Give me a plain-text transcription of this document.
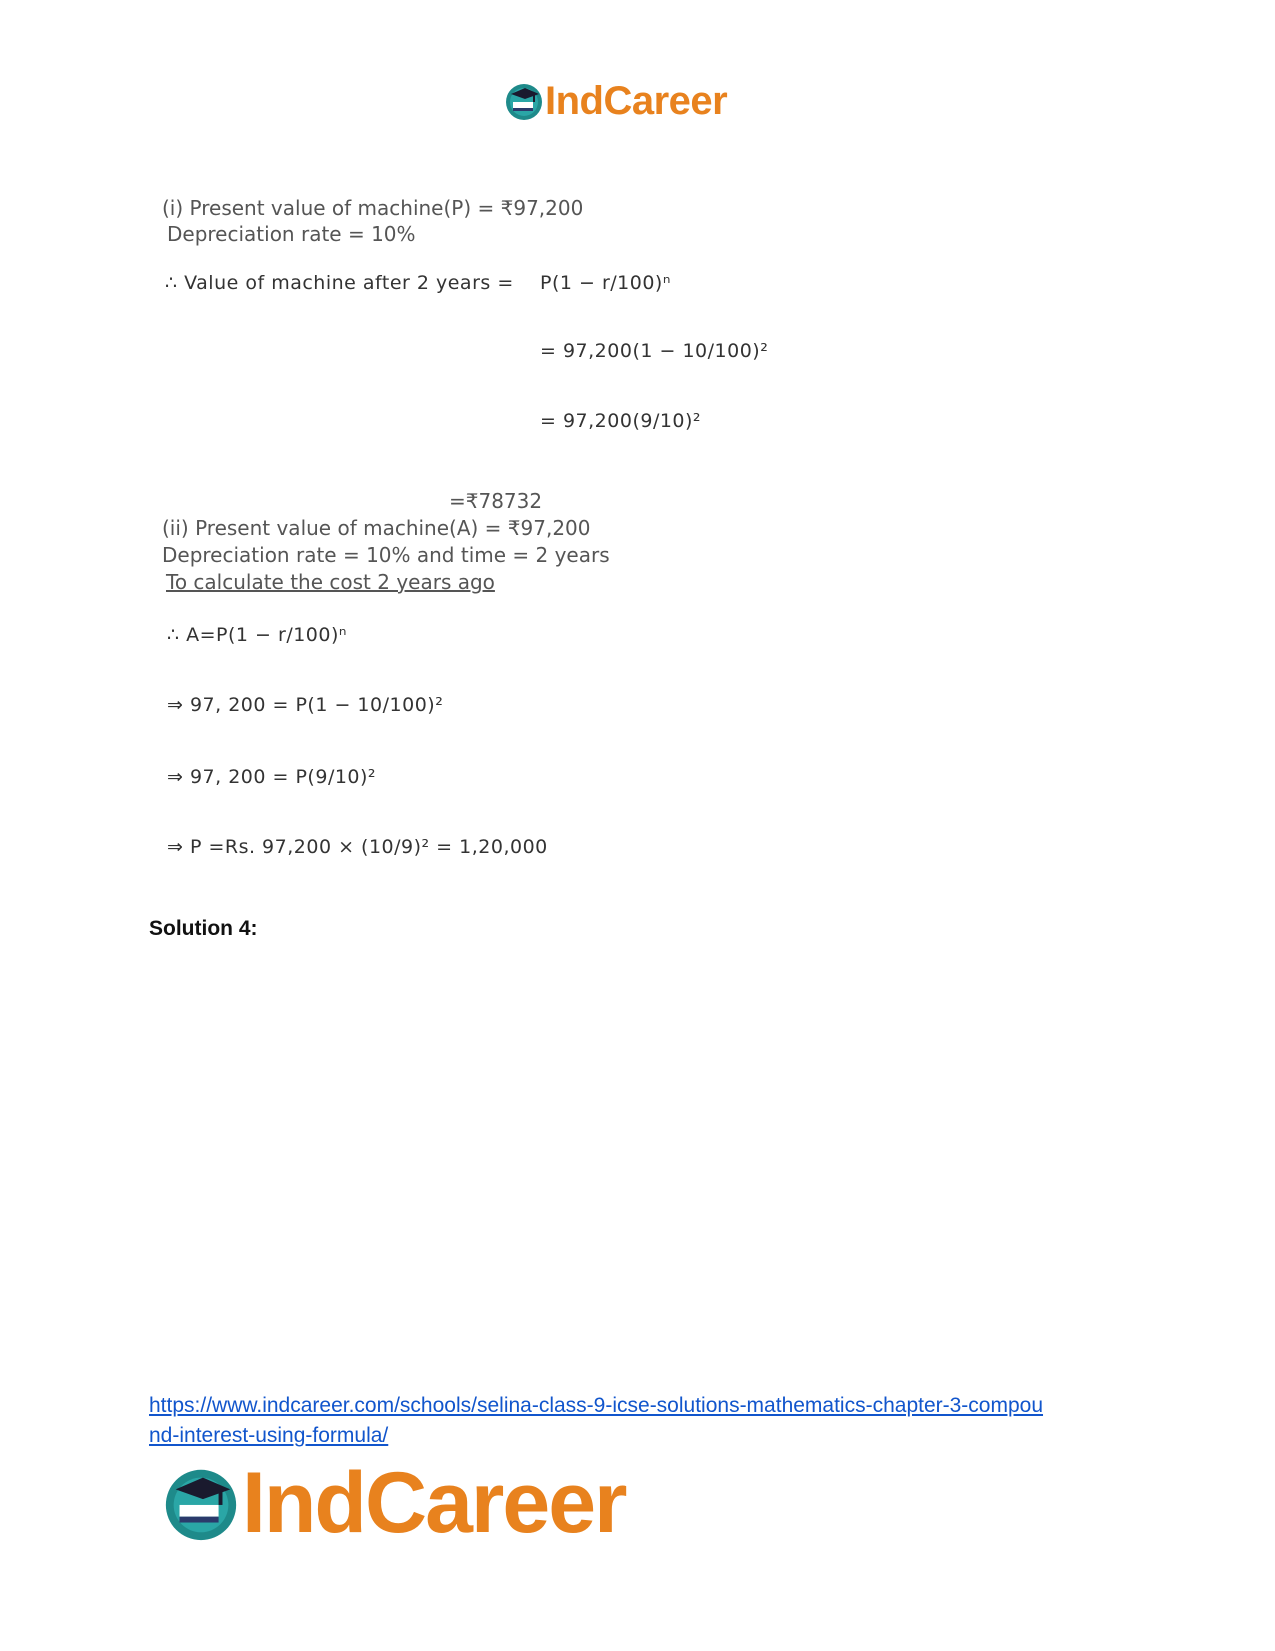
IndCareer
(i) Present value of machine(P) = ₹97,200
Depreciation rate = 10%
∴ Value of machine after 2 years = P(1 − r/100)ⁿ
= 97,200(1 − 10/100)²
= 97,200(9/10)²
=₹78732
(ii) Present value of machine(A) = ₹97,200
Depreciation rate = 10% and time = 2 years
To calculate the cost 2 years ago
∴ A=P(1 − r/100)ⁿ
⇒ 97, 200 = P(1 − 10/100)²
⇒ 97, 200 = P(9/10)²
⇒ P =Rs. 97,200 × (10/9)² = 1,20,000
Solution 4:
https://www.indcareer.com/schools/selina-class-9-icse-solutions-mathematics-chapter-3-compou
nd-interest-using-formula/
IndCareer
